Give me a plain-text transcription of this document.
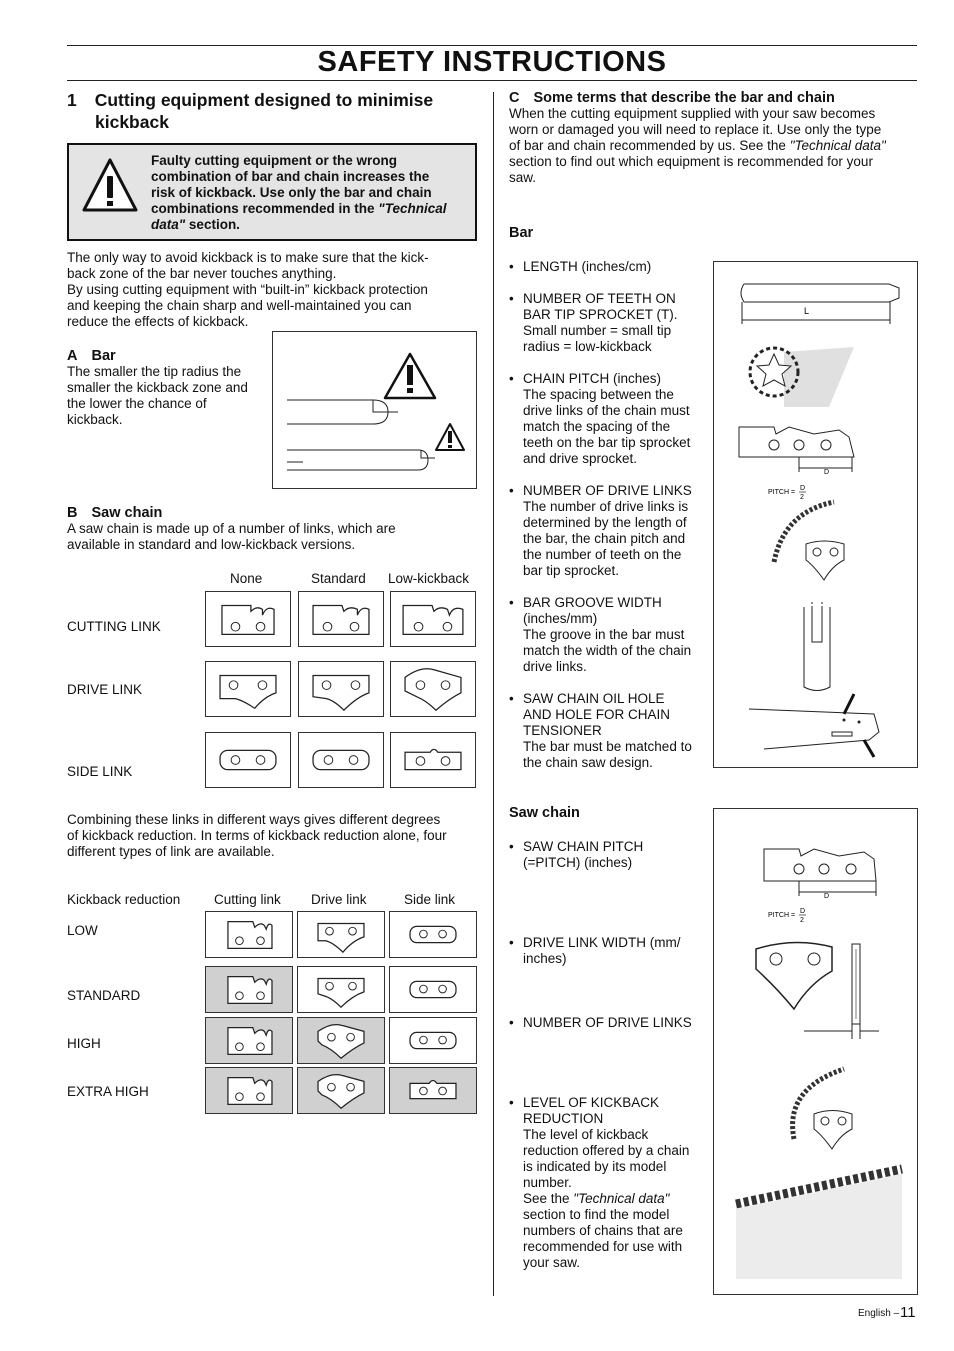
SAFETY INSTRUCTIONS
1 Cutting equipment designed to minimise
kickback
Faulty cutting equipment or the wrong
combination of bar and chain increases the
risk of kickback. Use only the bar and chain
combinations recommended in the "Technical
data" section.
The only way to avoid kickback is to make sure that the kick-
back zone of the bar never touches anything.
By using cutting equipment with “built-in” kickback protection
and keeping the chain sharp and well-maintained you can
reduce the effects of kickback.
A Bar
The smaller the tip radius the
smaller the kickback zone and
the lower the chance of
kickback.
B Saw chain
A saw chain is made up of a number of links, which are
available in standard and low-kickback versions.
None	Standard Low-kickback
CUTTING LINK
DRIVE LINK
SIDE LINK
Combining these links in different ways gives different degrees
of kickback reduction. In terms of kickback reduction alone, four
different types of link are available.
Kickback reduction Cutting link Drive link	Side link
LOW
STANDARD
HIGH
EXTRA HIGH
C Some terms that describe the bar and chain
When the cutting equipment supplied with your saw becomes
worn or damaged you will need to replace it. Use only the type
of bar and chain recommended by us. See the "Technical data"
section to find out which equipment is recommended for your
saw.
Bar
• LENGTH (inches/cm)
• NUMBER OF TEETH ON
BAR TIP SPROCKET (T).
Small number = small tip
radius = low-kickback
• CHAIN PITCH (inches)
The spacing between the
drive links of the chain must
match the spacing of the
teeth on the bar tip sprocket
and drive sprocket.
• NUMBER OF DRIVE LINKS
The number of drive links is
determined by the length of
the bar, the chain pitch and
the number of teeth on the
bar tip sprocket.
• BAR GROOVE WIDTH
(inches/mm)
The groove in the bar must
match the width of the chain
drive links.
• SAW CHAIN OIL HOLE
AND HOLE FOR CHAIN
TENSIONER
The bar must be matched to
the chain saw design.
L
D
PITCH =
D
2
Saw chain
• SAW CHAIN PITCH
(=PITCH) (inches)
• DRIVE LINK WIDTH (mm/
inches)
• NUMBER OF DRIVE LINKS
• LEVEL OF KICKBACK
REDUCTION
The level of kickback
reduction offered by a chain
is indicated by its model
number.
See the "Technical data"
section to find the model
numbers of chains that are
recommended for use with
your saw.
D
PITCH =
D
2
English – 11
